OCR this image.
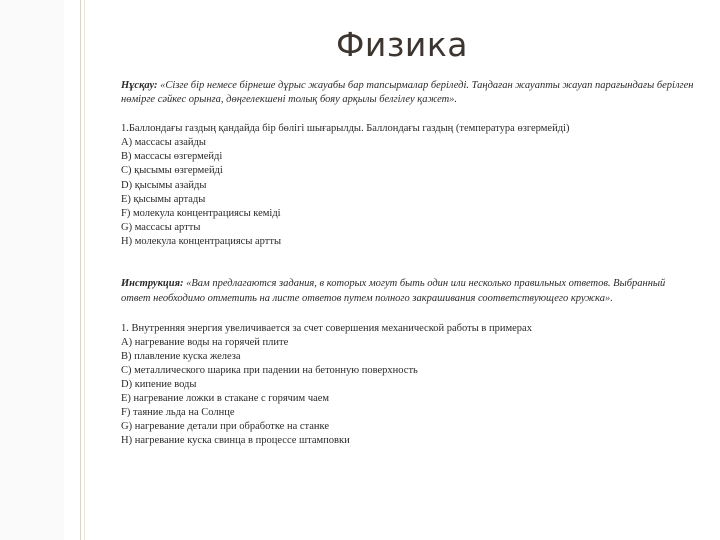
Физика

Нұсқау: «Сізге бір немесе бірнеше дұрыс жауабы бар тапсырмалар беріледі. Таңдаған жауапты жауап парағындағы берілген нөмірге сәйкес орынға, дөңгелекшені толық бояу арқылы белгілеу қажет».

1.Баллондағы газдың қандайда бір бөлігі шығарылды. Баллондағы газдың (температура өзгермейді)

A) массасы азайды

B) массасы өзгермейді

C) қысымы өзгермейді

D) қысымы азайды

E) қысымы артады

F) молекула концентрациясы кеміді

G) массасы артты

H) молекула концентрациясы артты

Инструкция: «Вам предлагаются задания, в которых могут быть один или несколько правильных ответов. Выбранный ответ необходимо отметить на листе ответов путем полного закрашивания соответствующего кружка».

1. Внутренняя энергия увеличивается за счет совершения механической работы в примерах

A) нагревание воды на горячей плите

B) плавление куска железа

C) металлического шарика при падении на бетонную поверхность

D) кипение воды

E) нагревание ложки в стакане с горячим чаем

F) таяние льда на Солнце

G) нагревание детали при обработке на станке

H) нагревание куска свинца в процессе штамповки
